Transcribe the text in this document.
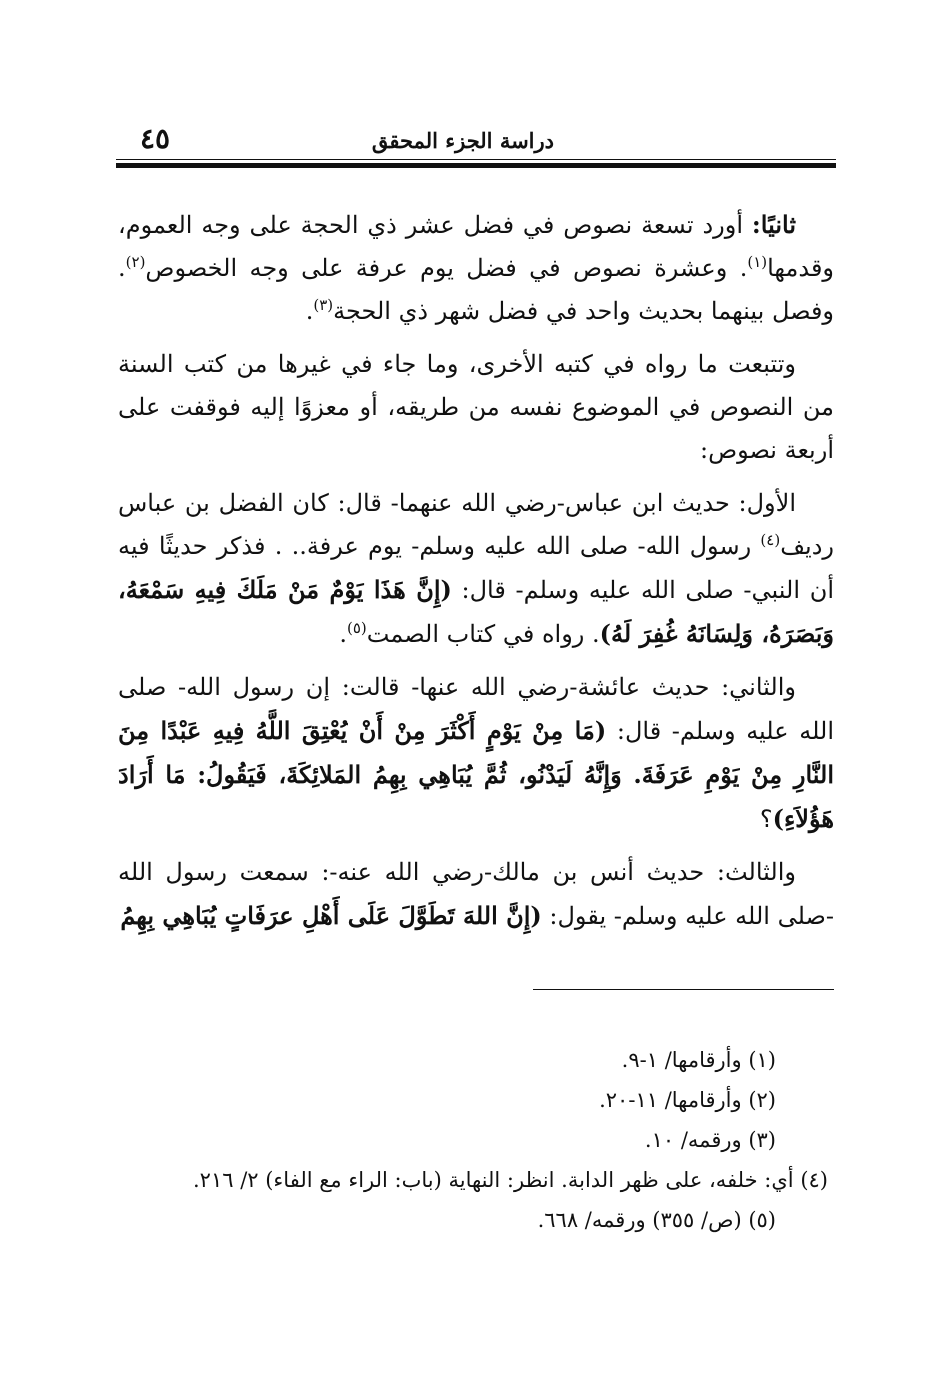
دراسة الجزء المحقق
٤٥

ثانيًا: أورد تسعة نصوص في فضل عشر ذي الحجة على وجه العموم، وقدمها$^{(١)}$. وعشرة نصوص في فضل يوم عرفة على وجه الخصوص$^{(٢)}$. وفصل بينهما بحديث واحد في فضل شهر ذي الحجة$^{(٣)}$.

وتتبعت ما رواه في كتبه الأخرى، وما جاء في غيرها من كتب السنة من النصوص في الموضوع نفسه من طريقه، أو معزوًا إليه فوقفت على أربعة نصوص:

الأول: حديث ابن عباس-رضي الله عنهما- قال: كان الفضل بن عباس رديف$^{(٤)}$ رسول الله- صلى الله عليه وسلم- يوم عرفة.. . فذكر حديثًا فيه أن النبي- صلى الله عليه وسلم- قال: (إِنَّ هَذَا يَوْمٌ مَنْ مَلَكَ فِيهِ سَمْعَهُ، وَبَصَرَهُ، وَلِسَانَهُ غُفِرَ لَهُ). رواه في كتاب الصمت$^{(٥)}$.

والثاني: حديث عائشة-رضي الله عنها- قالت: إن رسول الله- صلى الله عليه وسلم- قال: (مَا مِنْ يَوْمٍ أَكْثَرَ مِنْ أَنْ يُعْتِقَ اللَّهُ فِيهِ عَبْدًا مِنَ النَّارِ مِنْ يَوْمِ عَرَفَةَ. وَإِنَّهُ لَيَدْنُو، ثُمَّ يُبَاهِي بِهِمُ المَلائِكَةَ، فَيَقُولُ: مَا أَرَادَ هَؤُلاَءِ)؟

والثالث: حديث أنس بن مالك-رضي الله عنه-: سمعت رسول الله -صلى الله عليه وسلم- يقول: (إِنَّ اللهَ تَطَوَّلَ عَلَى أَهْلِ عرَفَاتٍ يُبَاهِي بِهِمُ

(١) وأرقامها/ ١-٩.
(٢) وأرقامها/ ١١-٢٠.
(٣) ورقمه/ ١٠.
(٤) أي: خلفه، على ظهر الدابة. انظر: النهاية (باب: الراء مع الفاء) ٢/ ٢١٦.
(٥) (ص/ ٣٥٥) ورقمه/ ٦٦٨.
